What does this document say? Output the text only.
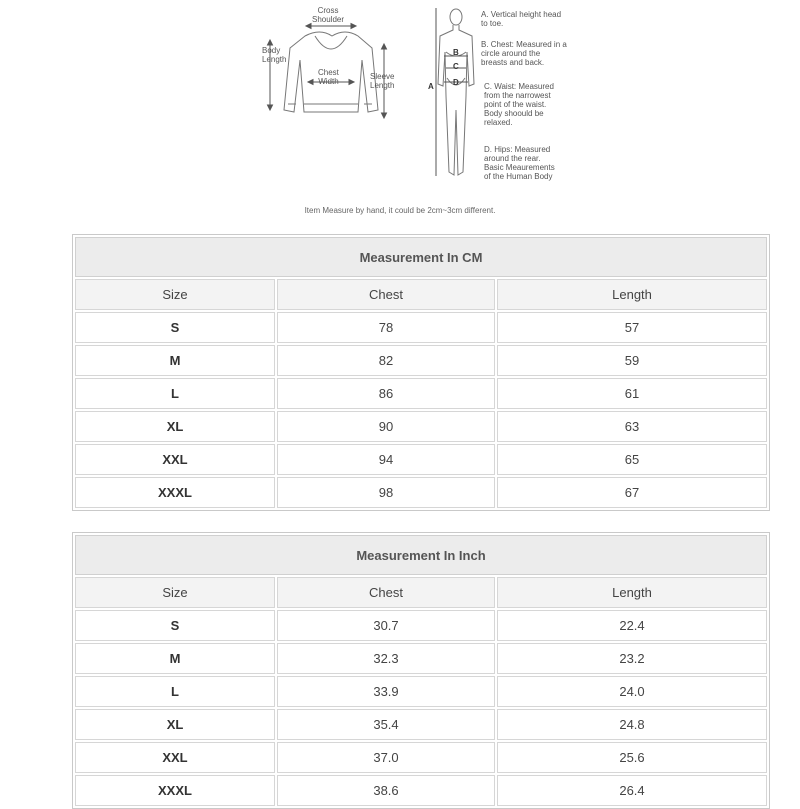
Cross
Shoulder
Body
Length
Chest
Width
Sleeve
Length	A
B
C
D
A. Vertical height head
to toe.
B. Chest: Measured in a
circle around the
breasts and back.
C. Waist: Measured
from the narrowest
point of the waist.
Body shoould be
relaxed.
D. Hips: Measured
around the rear.
Basic Meaurements
of the Human Body
Item Measure by hand, it could be 2cm~3cm different.
Measurement In CM		
Size	Chest	Length
S	78	57
M	82	59
L	86	61
XL	90	63
XXL	94	65
XXXL	98	67
Measurement In Inch		
Size	Chest	Length
S	30.7	22.4
M	32.3	23.2
L	33.9	24.0
XL	35.4	24.8
XXL	37.0	25.6
XXXL	38.6	26.4
